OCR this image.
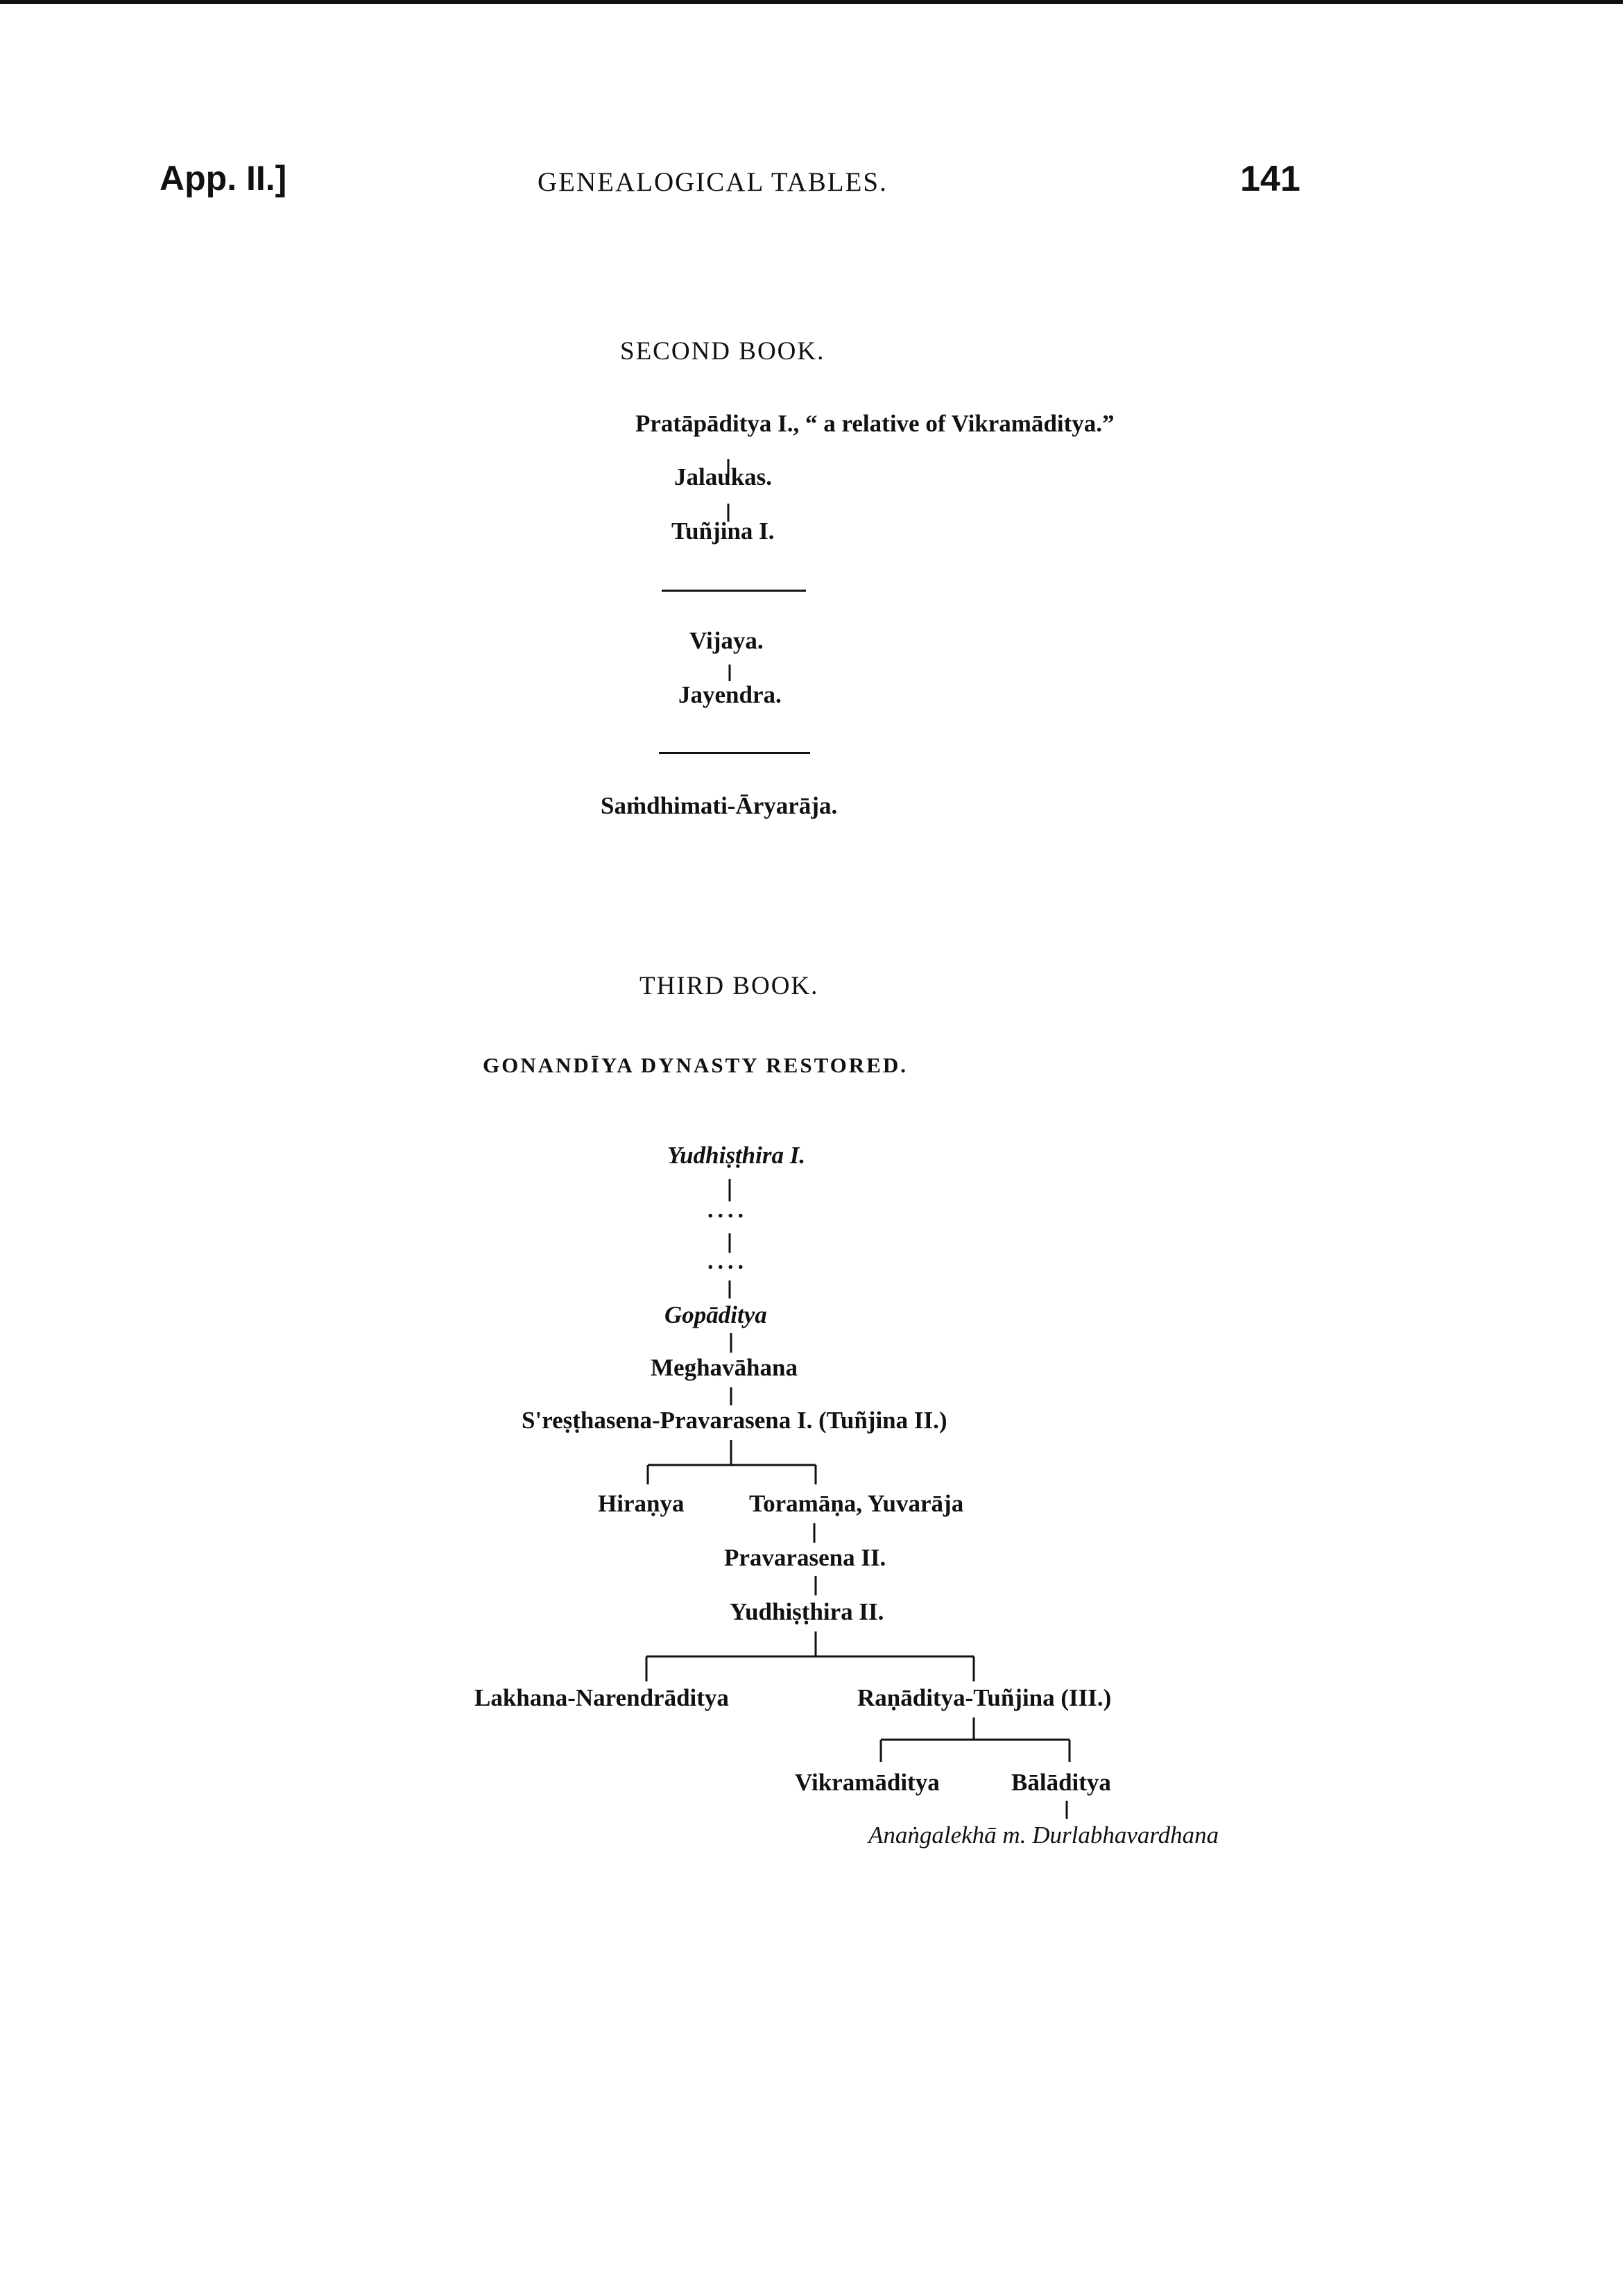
App. II.]	GENEALOGICAL TABLES.	141
SECOND BOOK.
Pratāpāditya I., “ a relative of Vikramāditya.”
Jalaukas.
Tuñjina I.
Vijaya.
Jayendra.
Saṁdhimati-Āryarāja.
THIRD BOOK.
GONANDĪYA DYNASTY RESTORED.
Yudhiṣṭhira I.
....
....
Gopāditya
Meghavāhana
S'reṣṭhasena-Pravarasena I. (Tuñjina II.)
Hiraṇya	Toramāṇa, Yuvarāja
Pravarasena II.
Yudhiṣṭhira II.
Lakhana-Narendrāditya	Raṇāditya-Tuñjina (III.)
Vikramāditya	Bālāditya
Anaṅgalekhā m. Durlabhavardhana
